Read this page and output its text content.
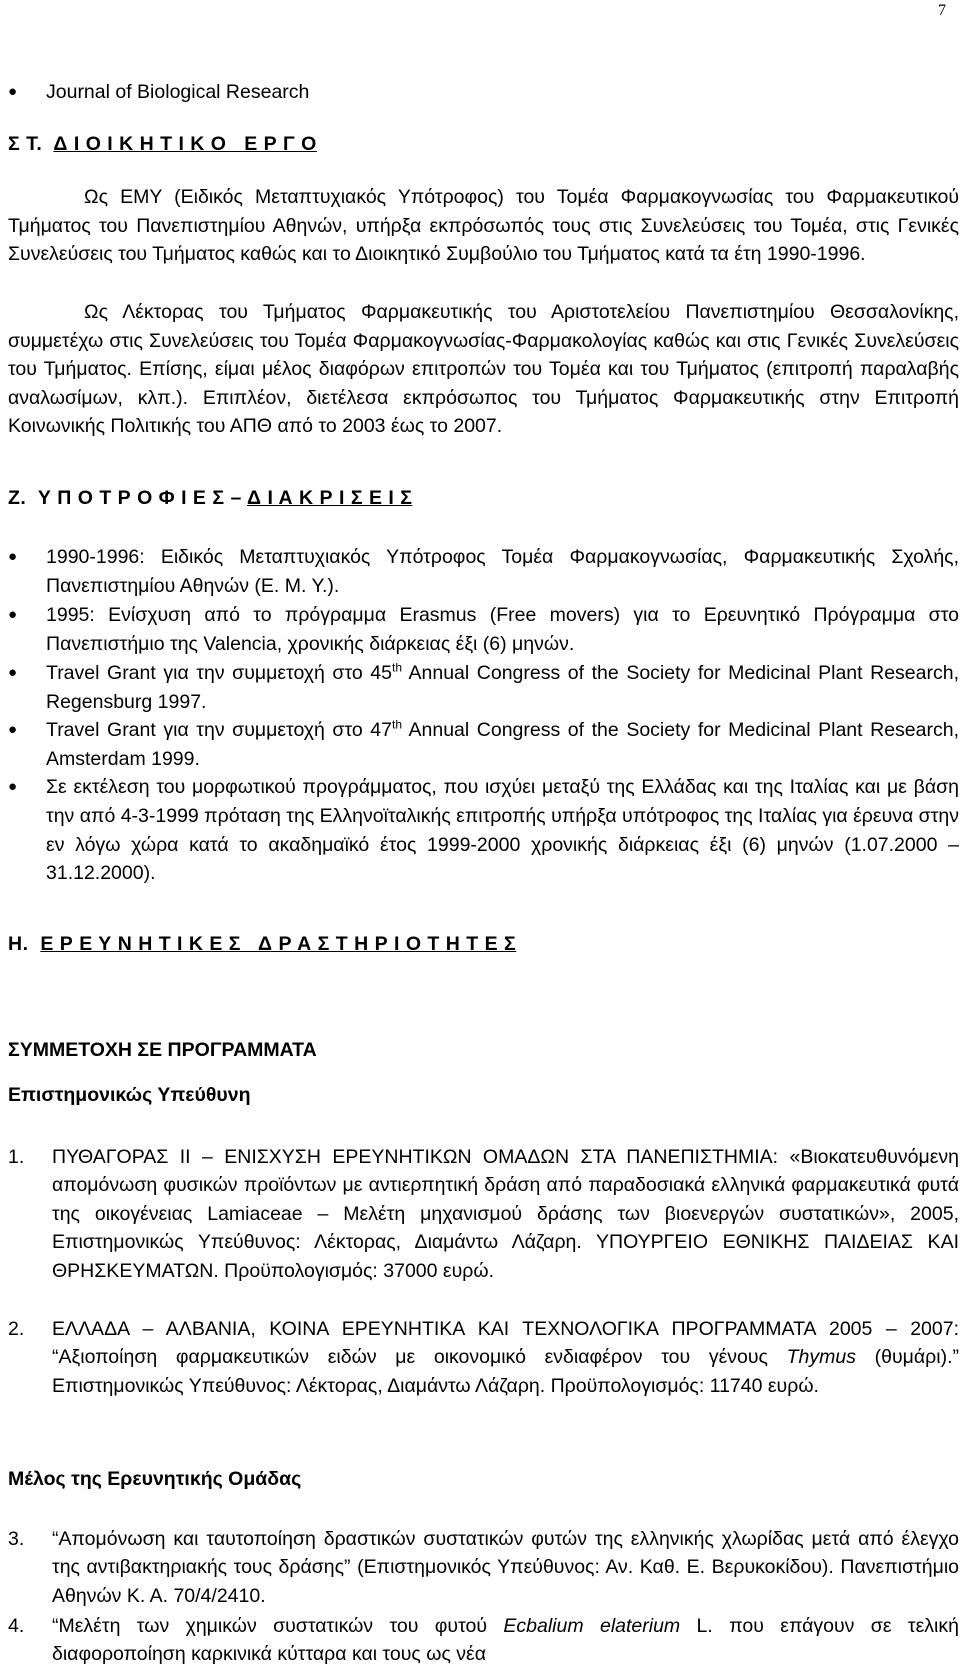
7
● Journal of Biological Research
Σ Τ.  Δ Ι Ο Ι Κ Η Τ Ι Κ Ο   Ε Ρ Γ Ο
Ως ΕΜΥ (Ειδικός Μεταπτυχιακός Υπότροφος) του Τομέα Φαρμακογνωσίας του Φαρμακευτικού Τμήματος του Πανεπιστημίου Αθηνών, υπήρξα εκπρόσωπός τους στις Συνελεύσεις του Τομέα, στις Γενικές Συνελεύσεις του Τμήματος καθώς και το Διοικητικό Συμβούλιο του Τμήματος κατά τα έτη 1990-1996.
Ως Λέκτορας του Τμήματος Φαρμακευτικής του Αριστοτελείου Πανεπιστημίου Θεσσαλονίκης, συμμετέχω στις Συνελεύσεις του Τομέα Φαρμακογνωσίας-Φαρμακολογίας καθώς και στις Γενικές Συνελεύσεις του Τμήματος. Επίσης, είμαι μέλος διαφόρων επιτροπών του Τομέα και του Τμήματος (επιτροπή παραλαβής αναλωσίμων, κλπ.). Επιπλέον, διετέλεσα εκπρόσωπος του Τμήματος Φαρμακευτικής στην Επιτροπή Κοινωνικής Πολιτικής του ΑΠΘ από το 2003 έως το 2007.
Ζ.  Υ Π Ο Τ Ρ Ο Φ Ι Ε Σ – Δ Ι Α Κ Ρ Ι Σ Ε Ι Σ
● 1990-1996: Ειδικός Μεταπτυχιακός Υπότροφος Τομέα Φαρμακογνωσίας, Φαρμακευτικής Σχολής, Πανεπιστημίου Αθηνών (Ε. Μ. Υ.).
● 1995: Ενίσχυση από το πρόγραμμα Erasmus (Free movers) για το Ερευνητικό Πρόγραμμα στο Πανεπιστήμιο της Valencia, χρονικής διάρκειας έξι (6) μηνών.
● Travel Grant για την συμμετοχή στο 45th Annual Congress of the Society for Medicinal Plant Research, Regensburg 1997.
● Travel Grant για την συμμετοχή στο 47th Annual Congress of the Society for Medicinal Plant Research, Amsterdam 1999.
● Σε εκτέλεση του μορφωτικού προγράμματος, που ισχύει μεταξύ της Ελλάδας και της Ιταλίας και με βάση την από 4-3-1999 πρόταση της Ελληνοϊταλικής επιτροπής υπήρξα υπότροφος της Ιταλίας για έρευνα στην εν λόγω χώρα κατά το ακαδημαϊκό έτος 1999-2000 χρονικής διάρκειας έξι (6) μηνών (1.07.2000 – 31.12.2000).
Η.  Ε Ρ Ε Υ Ν Η Τ Ι Κ Ε Σ   Δ Ρ Α Σ Τ Η Ρ Ι Ο Τ Η Τ Ε Σ
ΣΥΜΜΕΤΟΧΗ ΣΕ ΠΡΟΓΡΑΜΜΑΤΑ
Επιστημονικώς Υπεύθυνη
1. ΠΥΘΑΓΟΡΑΣ ΙΙ – ΕΝΙΣΧΥΣΗ ΕΡΕΥΝΗΤΙΚΩΝ ΟΜΑΔΩΝ ΣΤΑ ΠΑΝΕΠΙΣΤΗΜΙΑ: «Βιοκατευθυνόμενη απομόνωση φυσικών προϊόντων με αντιερπητική δράση από παραδοσιακά ελληνικά φαρμακευτικά φυτά της οικογένειας Lamiaceae – Μελέτη μηχανισμού δράσης των βιοενεργών συστατικών», 2005, Επιστημονικώς Υπεύθυνος: Λέκτορας, Διαμάντω Λάζαρη. ΥΠΟΥΡΓΕΙΟ ΕΘΝΙΚΗΣ ΠΑΙΔΕΙΑΣ ΚΑΙ ΘΡΗΣΚΕΥΜΑΤΩΝ. Προϋπολογισμός: 37000 ευρώ.
2. ΕΛΛΑΔΑ – ΑΛΒΑΝΙΑ, ΚΟΙΝΑ ΕΡΕΥΝΗΤΙΚΑ ΚΑΙ ΤΕΧΝΟΛΟΓΙΚΑ ΠΡΟΓΡΑΜΜΑΤΑ 2005 – 2007: “Αξιοποίηση φαρμακευτικών ειδών με οικονομικό ενδιαφέρον του γένους Thymus (θυμάρι).” Επιστημονικώς Υπεύθυνος: Λέκτορας, Διαμάντω Λάζαρη. Προϋπολογισμός: 11740 ευρώ.
Μέλος της Ερευνητικής Ομάδας
3. “Απομόνωση και ταυτοποίηση δραστικών συστατικών φυτών της ελληνικής χλωρίδας μετά από έλεγχο της αντιβακτηριακής τους δράσης” (Επιστημονικός Υπεύθυνος: Αν. Καθ. Ε. Βερυκοκίδου). Πανεπιστήμιο Αθηνών Κ. Α. 70/4/2410.
4. “Μελέτη των χημικών συστατικών του φυτού Ecbalium elaterium L. που επάγουν σε τελική διαφοροποίηση καρκινικά κύτταρα και τους ως νέα
